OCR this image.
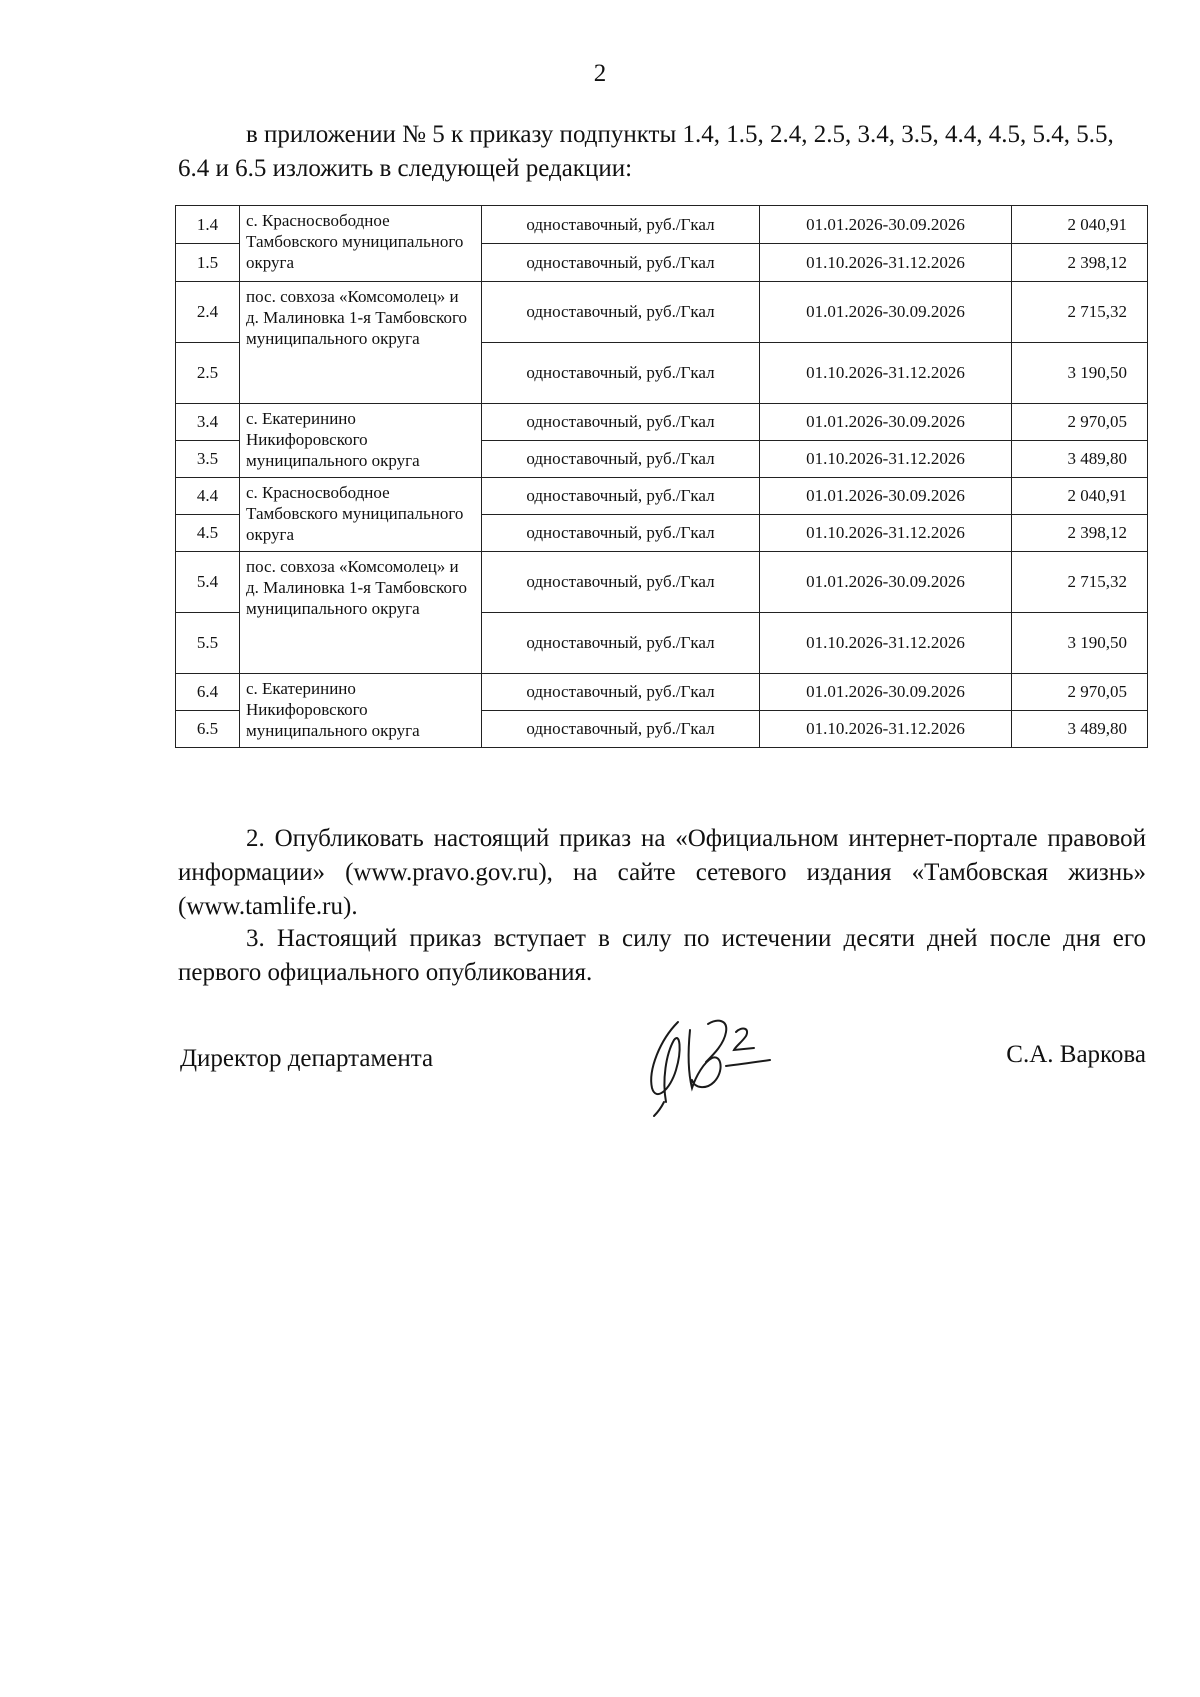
2
в приложении № 5 к приказу подпункты 1.4, 1.5, 2.4, 2.5, 3.4, 3.5, 4.4, 4.5, 5.4, 5.5, 6.4 и 6.5 изложить в следующей редакции:
1.4	с. Красносвободное Тамбовского муниципального округа	одноставочный, руб./Гкал	01.01.2026-30.09.2026	2 040,91
1.5		одноставочный, руб./Гкал	01.10.2026-31.12.2026	2 398,12
2.4	пос. совхоза «Комсомолец» и д. Малиновка 1-я Тамбовского муниципального округа	одноставочный, руб./Гкал	01.01.2026-30.09.2026	2 715,32
2.5		одноставочный, руб./Гкал	01.10.2026-31.12.2026	3 190,50
3.4	с. Екатеринино Никифоровского муниципального округа	одноставочный, руб./Гкал	01.01.2026-30.09.2026	2 970,05
3.5		одноставочный, руб./Гкал	01.10.2026-31.12.2026	3 489,80
4.4	с. Красносвободное Тамбовского муниципального округа	одноставочный, руб./Гкал	01.01.2026-30.09.2026	2 040,91
4.5		одноставочный, руб./Гкал	01.10.2026-31.12.2026	2 398,12
5.4	пос. совхоза «Комсомолец» и д. Малиновка 1-я Тамбовского муниципального округа	одноставочный, руб./Гкал	01.01.2026-30.09.2026	2 715,32
5.5		одноставочный, руб./Гкал	01.10.2026-31.12.2026	3 190,50
6.4	с. Екатеринино Никифоровского муниципального округа	одноставочный, руб./Гкал	01.01.2026-30.09.2026	2 970,05
6.5		одноставочный, руб./Гкал	01.10.2026-31.12.2026	3 489,80
2. Опубликовать настоящий приказ на «Официальном интернет-портале правовой информации» (www.pravo.gov.ru), на сайте сетевого издания «Тамбовская жизнь» (www.tamlife.ru).
3. Настоящий приказ вступает в силу по истечении десяти дней после дня его первого официального опубликования.
Директор департамента	С.А. Варкова
